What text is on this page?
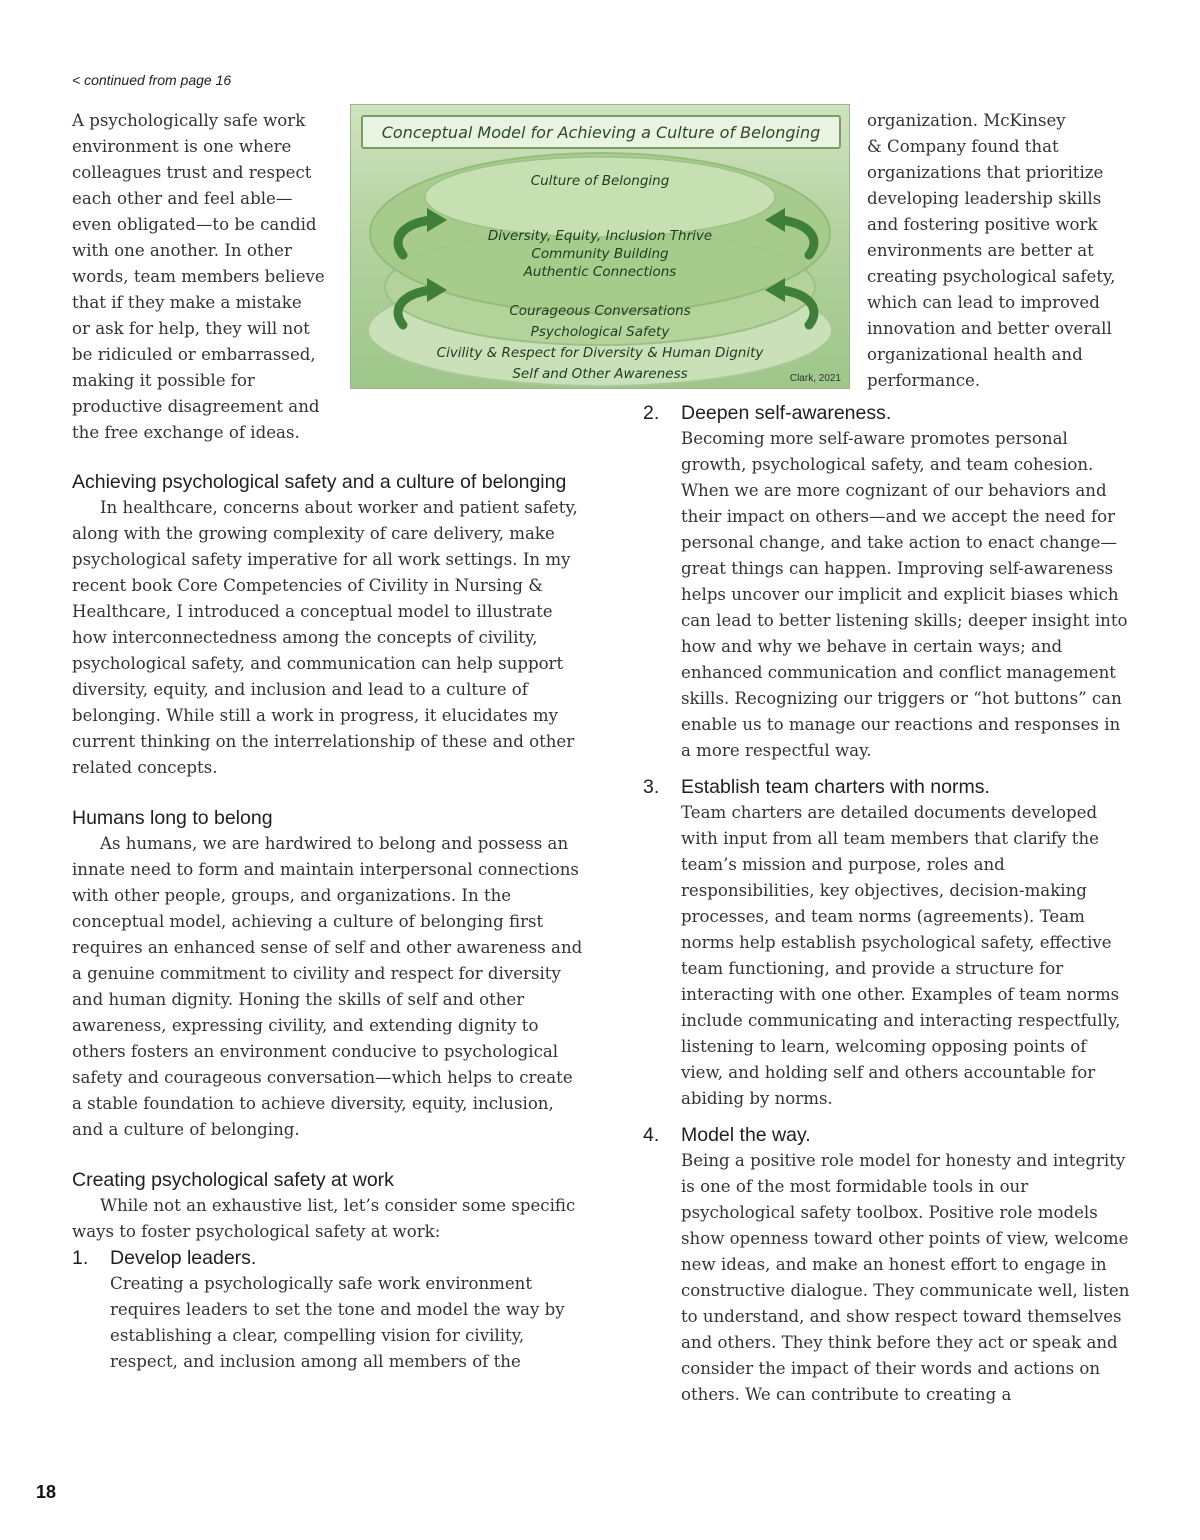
< continued from page 16
A psychologically safe work
environment is one where
colleagues trust and respect
each other and feel able—
even obligated—to be candid
with one another. In other
words, team members believe
that if they make a mistake
or ask for help, they will not
be ridiculed or embarrassed,
making it possible for
productive disagreement and
the free exchange of ideas.
Conceptual Model for Achieving a Culture of Belonging
Culture of Belonging
Diversity, Equity, Inclusion Thrive
Community Building
Authentic Connections
Courageous Conversations
Psychological Safety
Civility & Respect for Diversity & Human Dignity
Self and Other Awareness	Clark, 2021
organization. McKinsey
& Company found that
organizations that prioritize
developing leadership skills
and fostering positive work
environments are better at
creating psychological safety,
which can lead to improved
innovation and better overall
organizational health and
performance.
Achieving psychological safety and a culture of belonging

In healthcare, concerns about worker and patient safety, along with the growing complexity of care delivery, make psychological safety imperative for all work settings. In my recent book Core Competencies of Civility in Nursing & Healthcare, I introduced a conceptual model to illustrate how interconnectedness among the concepts of civility, psychological safety, and communication can help support diversity, equity, and inclusion and lead to a culture of belonging. While still a work in progress, it elucidates my current thinking on the interrelationship of these and other related concepts.

Humans long to belong

As humans, we are hardwired to belong and possess an innate need to form and maintain interpersonal connections with other people, groups, and organizations. In the conceptual model, achieving a culture of belonging first requires an enhanced sense of self and other awareness and a genuine commitment to civility and respect for diversity and human dignity. Honing the skills of self and other awareness, expressing civility, and extending dignity to others fosters an environment conducive to psychological safety and courageous conversation—which helps to create a stable foundation to achieve diversity, equity, inclusion, and a culture of belonging.

Creating psychological safety at work

While not an exhaustive list, let’s consider some specific ways to foster psychological safety at work:

1.	Develop leaders.

Creating a psychologically safe work environment requires leaders to set the tone and model the way by establishing a clear, compelling vision for civility, respect, and inclusion among all members of the

2.	Deepen self-awareness.

Becoming more self-aware promotes personal growth, psychological safety, and team cohesion. When we are more cognizant of our behaviors and their impact on others—and we accept the need for personal change, and take action to enact change—great things can happen. Improving self-awareness helps uncover our implicit and explicit biases which can lead to better listening skills; deeper insight into how and why we behave in certain ways; and enhanced communication and conflict management skills. Recognizing our triggers or “hot buttons” can enable us to manage our reactions and responses in a more respectful way.

3.	Establish team charters with norms.

Team charters are detailed documents developed with input from all team members that clarify the team’s mission and purpose, roles and responsibilities, key objectives, decision-making processes, and team norms (agreements). Team norms help establish psychological safety, effective team functioning, and provide a structure for interacting with one other. Examples of team norms include communicating and interacting respectfully, listening to learn, welcoming opposing points of view, and holding self and others accountable for abiding by norms.

4.	Model the way.

Being a positive role model for honesty and integrity is one of the most formidable tools in our psychological safety toolbox. Positive role models show openness toward other points of view, welcome new ideas, and make an honest effort to engage in constructive dialogue. They communicate well, listen to understand, and show respect toward themselves and others. They think before they act or speak and consider the impact of their words and actions on others. We can contribute to creating a

18
